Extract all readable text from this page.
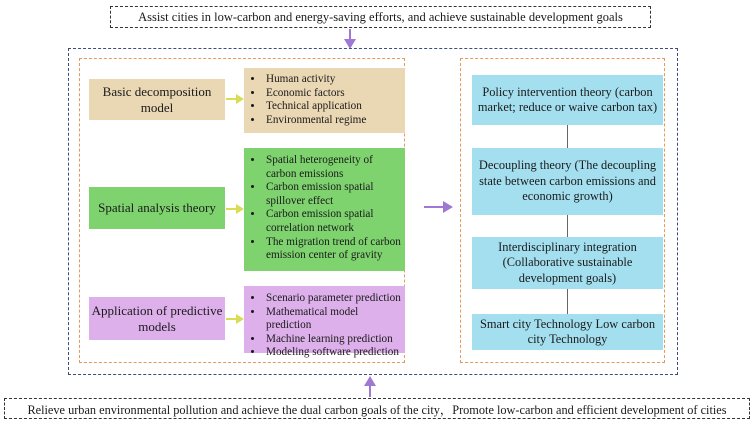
Assist cities in low-carbon and energy-saving efforts, and achieve sustainable development goals
Basic decomposition model
• Human activity
• Economic factors
• Technical application
• Environmental regime
Spatial analysis theory
• Spatial heterogeneity of carbon emissions
• Carbon emission spatial spillover effect
• Carbon emission spatial correlation network
• The migration trend of carbon emission center of gravity
Application of predictive models
• Scenario parameter prediction
• Mathematical model prediction
• Machine learning prediction
• Modeling software prediction
Policy intervention theory (carbon market; reduce or waive carbon tax)
Decoupling theory (The decoupling state between carbon emissions and economic growth)
Interdisciplinary integration (Collaborative sustainable development goals)
Smart city Technology Low carbon city Technology
Relieve urban environmental pollution and achieve the dual carbon goals of the city，Promote low-carbon and efficient development of cities
